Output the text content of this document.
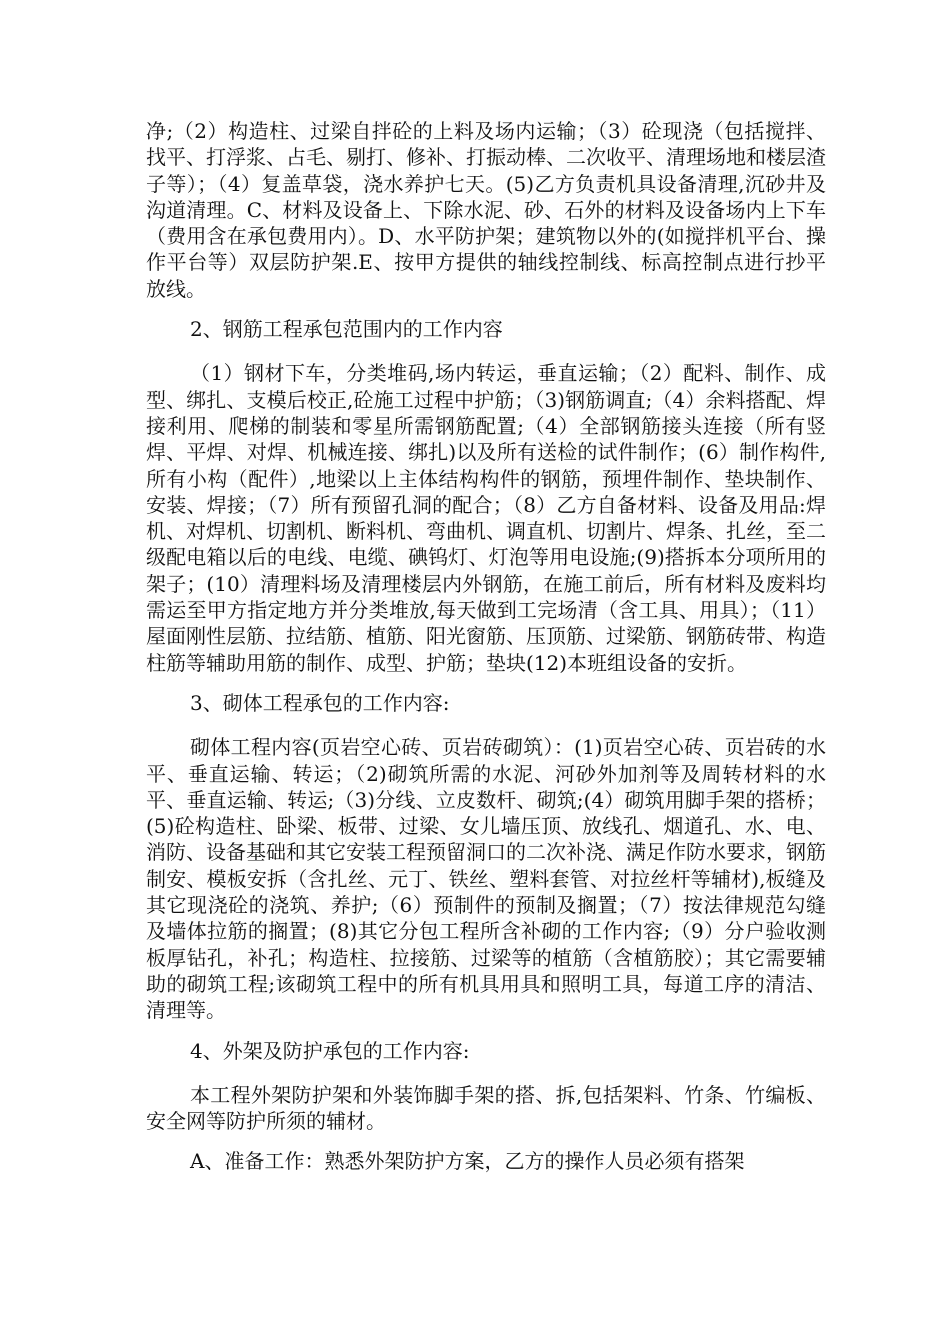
净;（2）构造柱、过梁自拌砼的上料及场内运输；（3）砼现浇（包括搅拌、找平、打浮浆、占毛、剔打、修补、打振动棒、二次收平、清理场地和楼层渣子等）；（4）复盖草袋，浇水养护七天。(5)乙方负责机具设备清理,沉砂井及沟道清理。C、材料及设备上、下除水泥、砂、石外的材料及设备场内上下车（费用含在承包费用内）。D、水平防护架；建筑物以外的(如搅拌机平台、操作平台等）双层防护架.E、按甲方提供的轴线控制线、标高控制点进行抄平放线。

2、钢筋工程承包范围内的工作内容

（1）钢材下车，分类堆码,场内转运，垂直运输；（2）配料、制作、成型、绑扎、支模后校正,砼施工过程中护筋；（3)钢筋调直;（4）余料搭配、焊接利用、爬梯的制装和零星所需钢筋配置;（4）全部钢筋接头连接（所有竖焊、平焊、对焊、机械连接、绑扎)以及所有送检的试件制作；(6）制作构件,所有小构（配件）,地梁以上主体结构构件的钢筋，预埋件制作、垫块制作、安装、焊接；（7）所有预留孔洞的配合；（8）乙方自备材料、设备及用品:焊机、对焊机、切割机、断料机、弯曲机、调直机、切割片、焊条、扎丝，至二级配电箱以后的电线、电缆、碘钨灯、灯泡等用电设施;(9)搭拆本分项所用的架子；(10）清理料场及清理楼层内外钢筋，在施工前后，所有材料及废料均需运至甲方指定地方并分类堆放,每天做到工完场清（含工具、用具）；（11）屋面刚性层筋、拉结筋、植筋、阳光窗筋、压顶筋、过梁筋、钢筋砖带、构造柱筋等辅助用筋的制作、成型、护筋；垫块(12)本班组设备的安折。

3、砌体工程承包的工作内容:

砌体工程内容(页岩空心砖、页岩砖砌筑）：(1)页岩空心砖、页岩砖的水平、垂直运输、转运；（2)砌筑所需的水泥、河砂外加剂等及周转材料的水平、垂直运输、转运;（3)分线、立皮数杆、砌筑;(4）砌筑用脚手架的搭桥；(5)砼构造柱、卧梁、板带、过梁、女儿墙压顶、放线孔、烟道孔、水、电、消防、设备基础和其它安装工程预留洞口的二次补浇、满足作防水要求，钢筋制安、模板安拆（含扎丝、元丁、铁丝、塑料套管、对拉丝杆等辅材),板缝及其它现浇砼的浇筑、养护;（6）预制件的预制及搁置；（7）按法律规范勾缝及墙体拉筋的搁置；(8)其它分包工程所含补砌的工作内容;（9）分户验收测板厚钻孔，补孔；构造柱、拉接筋、过梁等的植筋（含植筋胶）；其它需要辅助的砌筑工程;该砌筑工程中的所有机具用具和照明工具，每道工序的清洁、清理等。

4、外架及防护承包的工作内容:

本工程外架防护架和外装饰脚手架的搭、拆,包括架料、竹条、竹编板、安全网等防护所须的辅材。

A、准备工作：熟悉外架防护方案，乙方的操作人员必须有搭架
